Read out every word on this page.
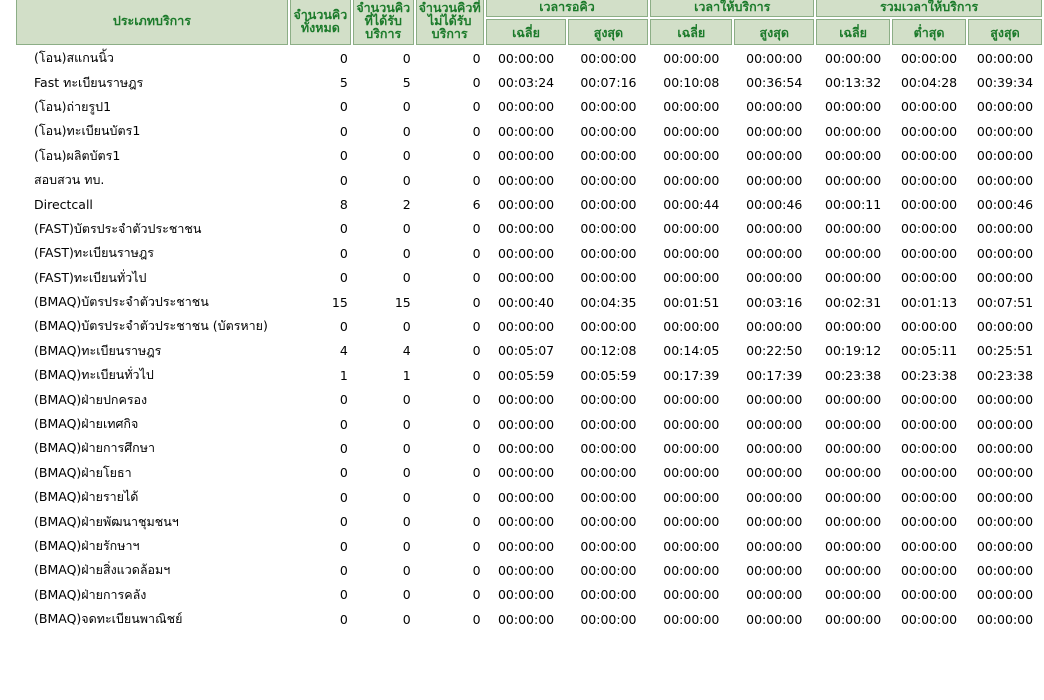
ประเภทบริการ	จำนวนคิวทั้งหมด	จำนวนคิวที่ได้รับบริการ	จำนวนคิวที่ไม่ได้รับบริการ	เวลารอคิว		เวลาให้บริการ		รวมเวลาให้บริการ		
				เฉลี่ย	สูงสุด	เฉลี่ย	สูงสุด	เฉลี่ย	ต่ำสุด	สูงสุด
(โอน)สแกนนิ้ว	0	0	0	00:00:00	00:00:00	00:00:00	00:00:00	00:00:00	00:00:00	00:00:00
Fast ทะเบียนราษฎร	5	5	0	00:03:24	00:07:16	00:10:08	00:36:54	00:13:32	00:04:28	00:39:34
(โอน)ถ่ายรูป1	0	0	0	00:00:00	00:00:00	00:00:00	00:00:00	00:00:00	00:00:00	00:00:00
(โอน)ทะเบียนบัตร1	0	0	0	00:00:00	00:00:00	00:00:00	00:00:00	00:00:00	00:00:00	00:00:00
(โอน)ผลิตบัตร1	0	0	0	00:00:00	00:00:00	00:00:00	00:00:00	00:00:00	00:00:00	00:00:00
สอบสวน ทบ.	0	0	0	00:00:00	00:00:00	00:00:00	00:00:00	00:00:00	00:00:00	00:00:00
Directcall	8	2	6	00:00:00	00:00:00	00:00:44	00:00:46	00:00:11	00:00:00	00:00:46
(FAST)บัตรประจำตัวประชาชน	0	0	0	00:00:00	00:00:00	00:00:00	00:00:00	00:00:00	00:00:00	00:00:00
(FAST)ทะเบียนราษฎร	0	0	0	00:00:00	00:00:00	00:00:00	00:00:00	00:00:00	00:00:00	00:00:00
(FAST)ทะเบียนทั่วไป	0	0	0	00:00:00	00:00:00	00:00:00	00:00:00	00:00:00	00:00:00	00:00:00
(BMAQ)บัตรประจำตัวประชาชน	15	15	0	00:00:40	00:04:35	00:01:51	00:03:16	00:02:31	00:01:13	00:07:51
(BMAQ)บัตรประจำตัวประชาชน (บัตรหาย)	0	0	0	00:00:00	00:00:00	00:00:00	00:00:00	00:00:00	00:00:00	00:00:00
(BMAQ)ทะเบียนราษฎร	4	4	0	00:05:07	00:12:08	00:14:05	00:22:50	00:19:12	00:05:11	00:25:51
(BMAQ)ทะเบียนทั่วไป	1	1	0	00:05:59	00:05:59	00:17:39	00:17:39	00:23:38	00:23:38	00:23:38
(BMAQ)ฝ่ายปกครอง	0	0	0	00:00:00	00:00:00	00:00:00	00:00:00	00:00:00	00:00:00	00:00:00
(BMAQ)ฝ่ายเทศกิจ	0	0	0	00:00:00	00:00:00	00:00:00	00:00:00	00:00:00	00:00:00	00:00:00
(BMAQ)ฝ่ายการศึกษา	0	0	0	00:00:00	00:00:00	00:00:00	00:00:00	00:00:00	00:00:00	00:00:00
(BMAQ)ฝ่ายโยธา	0	0	0	00:00:00	00:00:00	00:00:00	00:00:00	00:00:00	00:00:00	00:00:00
(BMAQ)ฝ่ายรายได้	0	0	0	00:00:00	00:00:00	00:00:00	00:00:00	00:00:00	00:00:00	00:00:00
(BMAQ)ฝ่ายพัฒนาชุมชนฯ	0	0	0	00:00:00	00:00:00	00:00:00	00:00:00	00:00:00	00:00:00	00:00:00
(BMAQ)ฝ่ายรักษาฯ	0	0	0	00:00:00	00:00:00	00:00:00	00:00:00	00:00:00	00:00:00	00:00:00
(BMAQ)ฝ่ายสิ่งแวดล้อมฯ	0	0	0	00:00:00	00:00:00	00:00:00	00:00:00	00:00:00	00:00:00	00:00:00
(BMAQ)ฝ่ายการคลัง	0	0	0	00:00:00	00:00:00	00:00:00	00:00:00	00:00:00	00:00:00	00:00:00
(BMAQ)จดทะเบียนพาณิชย์	0	0	0	00:00:00	00:00:00	00:00:00	00:00:00	00:00:00	00:00:00	00:00:00
